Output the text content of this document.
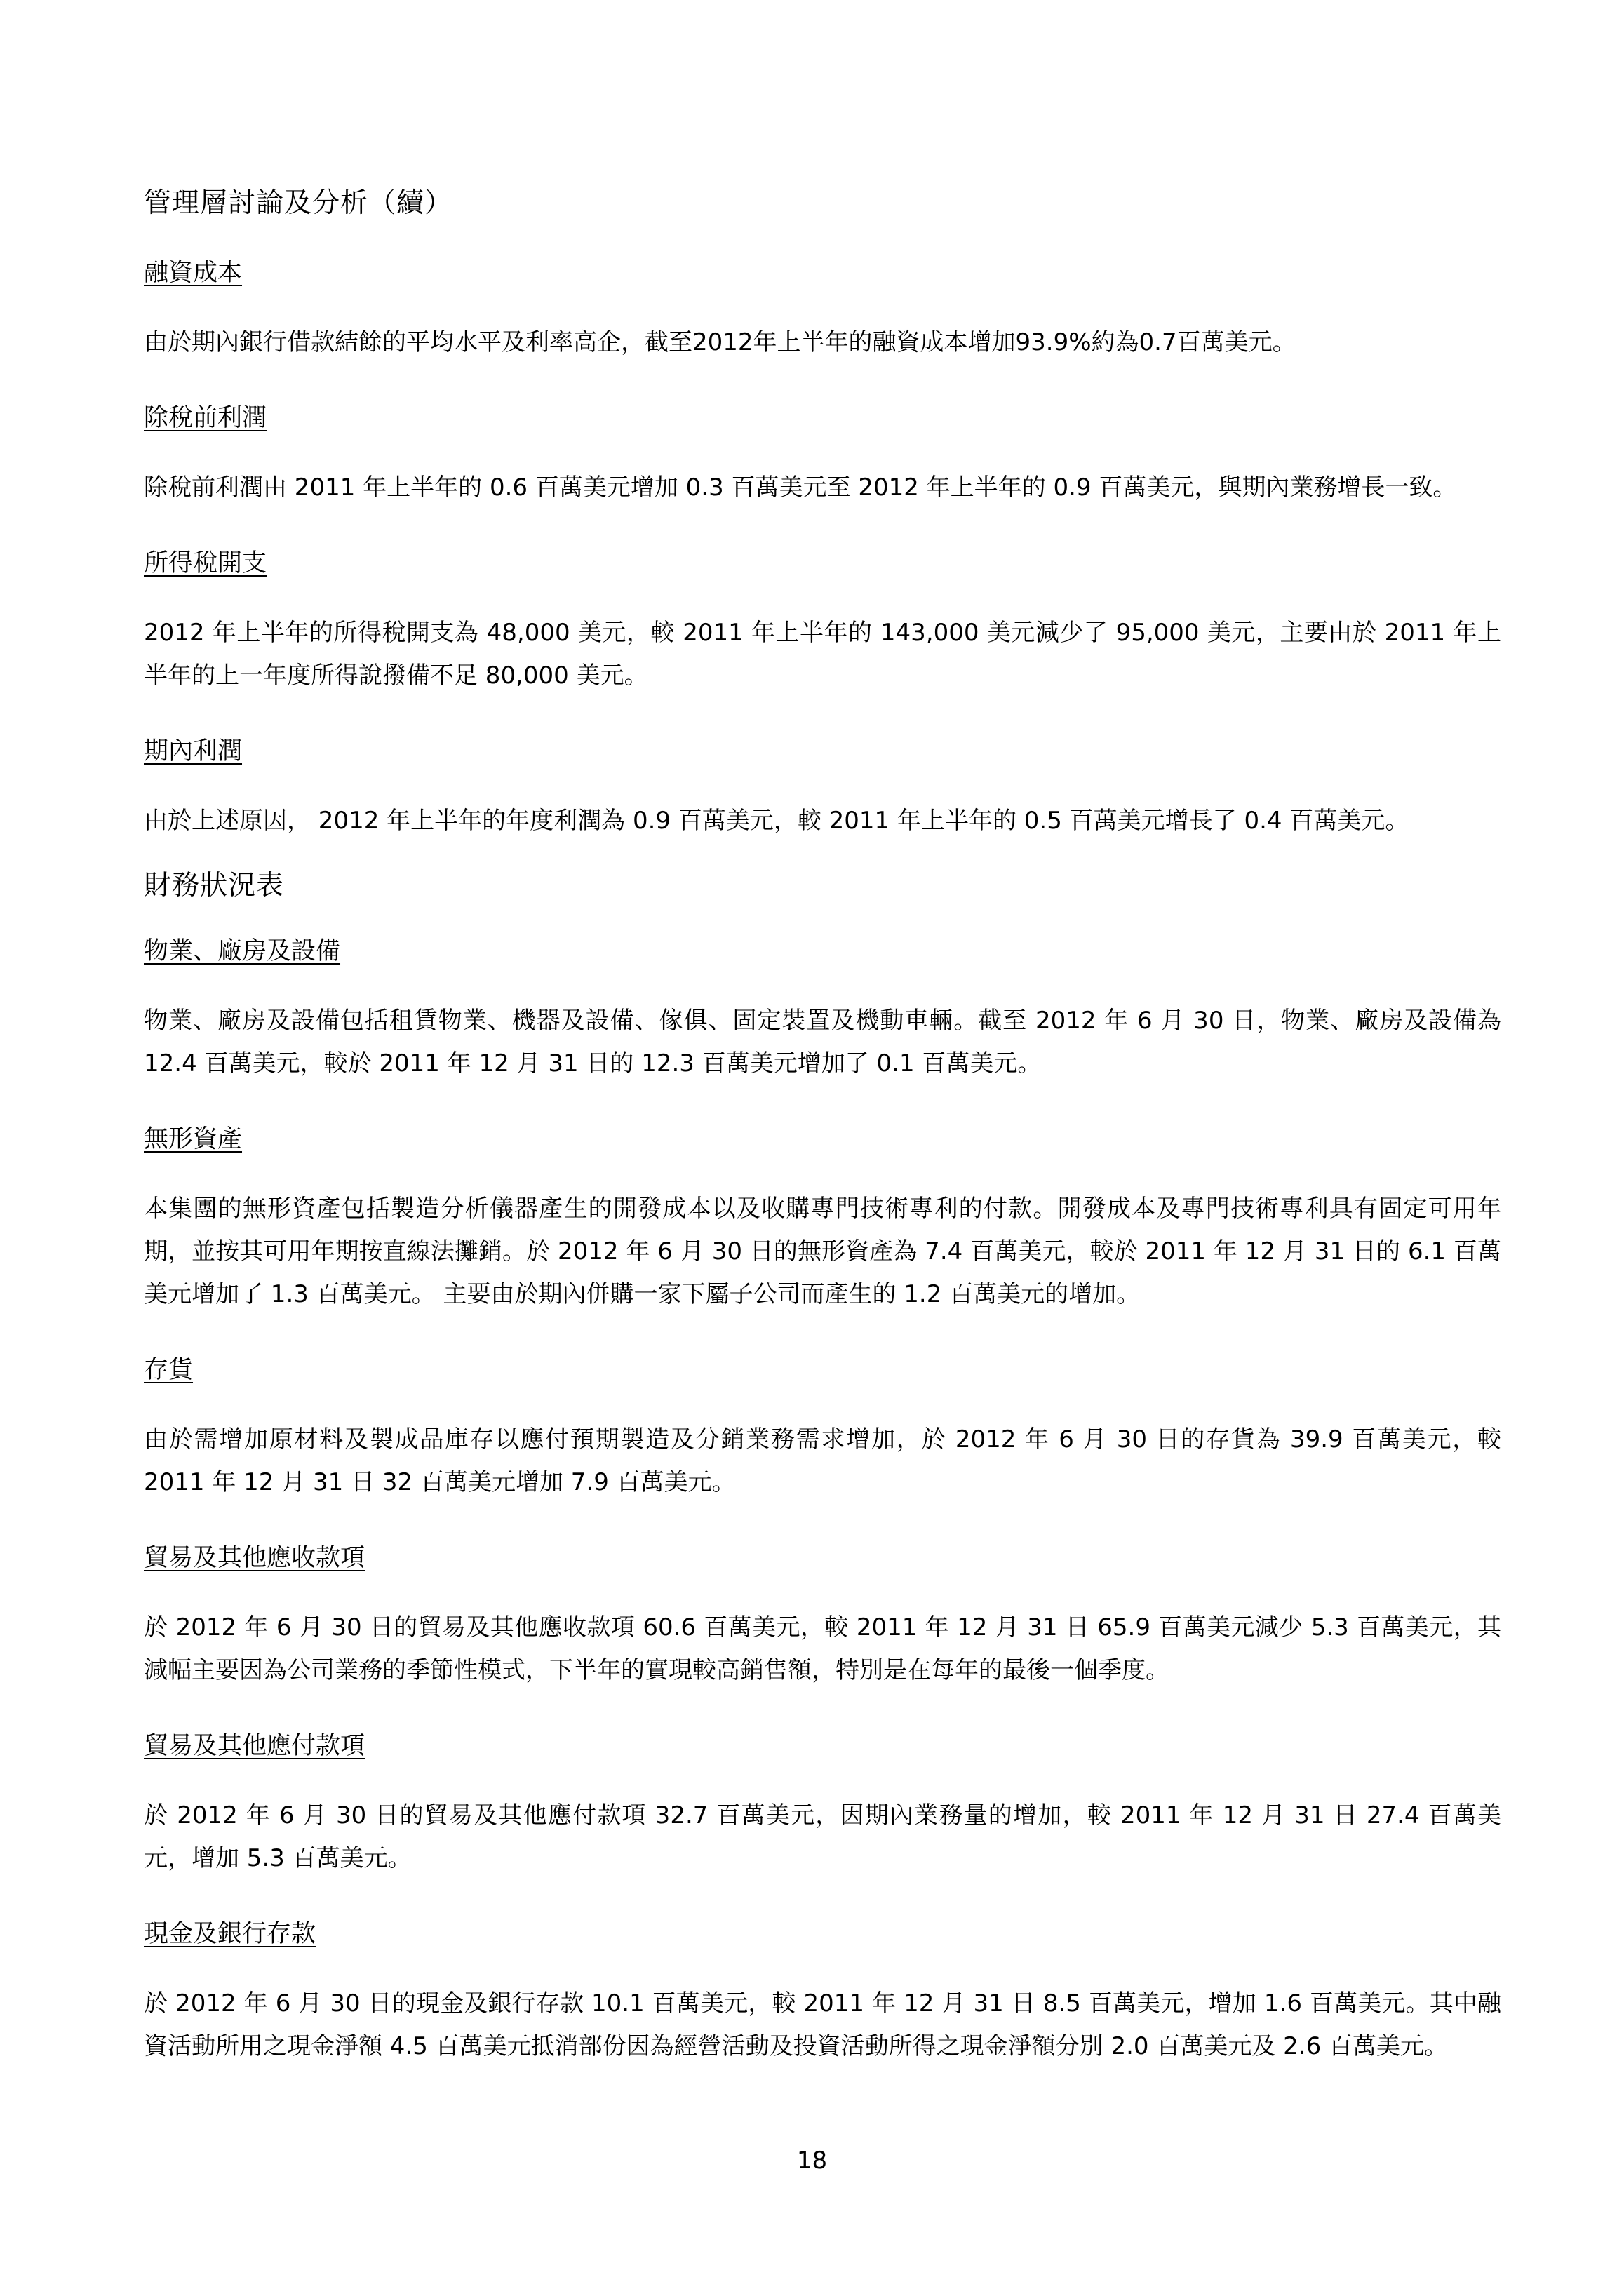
管理層討論及分析（續）
融資成本

由於期內銀行借款結餘的平均水平及利率高企，截至2012年上半年的融資成本增加93.9%約為0.7百萬美元。

除稅前利潤

除稅前利潤由 2011 年上半年的 0.6 百萬美元增加 0.3 百萬美元至 2012 年上半年的 0.9 百萬美元，與期內業務增長一致。

所得稅開支

2012 年上半年的所得稅開支為 48,000 美元，較 2011 年上半年的 143,000 美元減少了 95,000 美元，主要由於 2011 年上半年的上一年度所得說撥備不足 80,000 美元。

期內利潤

由於上述原因， 2012 年上半年的年度利潤為 0.9 百萬美元，較 2011 年上半年的 0.5 百萬美元增長了 0.4 百萬美元。

財務狀況表
物業、廠房及設備

物業、廠房及設備包括租賃物業、機器及設備、傢俱、固定裝置及機動車輛。截至 2012 年 6 月 30 日，物業、廠房及設備為 12.4 百萬美元，較於 2011 年 12 月 31 日的 12.3 百萬美元增加了 0.1 百萬美元。

無形資產

本集團的無形資產包括製造分析儀器產生的開發成本以及收購專門技術專利的付款。開發成本及專門技術專利具有固定可用年期，並按其可用年期按直線法攤銷。於 2012 年 6 月 30 日的無形資產為 7.4 百萬美元，較於 2011 年 12 月 31 日的 6.1 百萬美元增加了 1.3 百萬美元。 主要由於期內併購一家下屬子公司而產生的 1.2 百萬美元的增加。

存貨

由於需增加原材料及製成品庫存以應付預期製造及分銷業務需求增加，於 2012 年 6 月 30 日的存貨為 39.9 百萬美元，較 2011 年 12 月 31 日 32 百萬美元增加 7.9 百萬美元。

貿易及其他應收款項

於 2012 年 6 月 30 日的貿易及其他應收款項 60.6 百萬美元，較 2011 年 12 月 31 日 65.9 百萬美元減少 5.3 百萬美元，其減幅主要因為公司業務的季節性模式，下半年的實現較高銷售額，特別是在每年的最後一個季度。

貿易及其他應付款項

於 2012 年 6 月 30 日的貿易及其他應付款項 32.7 百萬美元，因期內業務量的增加，較 2011 年 12 月 31 日 27.4 百萬美元，增加 5.3 百萬美元。

現金及銀行存款

於 2012 年 6 月 30 日的現金及銀行存款 10.1 百萬美元，較 2011 年 12 月 31 日 8.5 百萬美元，增加 1.6 百萬美元。其中融資活動所用之現金淨額 4.5 百萬美元抵消部份因為經營活動及投資活動所得之現金淨額分別 2.0 百萬美元及 2.6 百萬美元。

18
